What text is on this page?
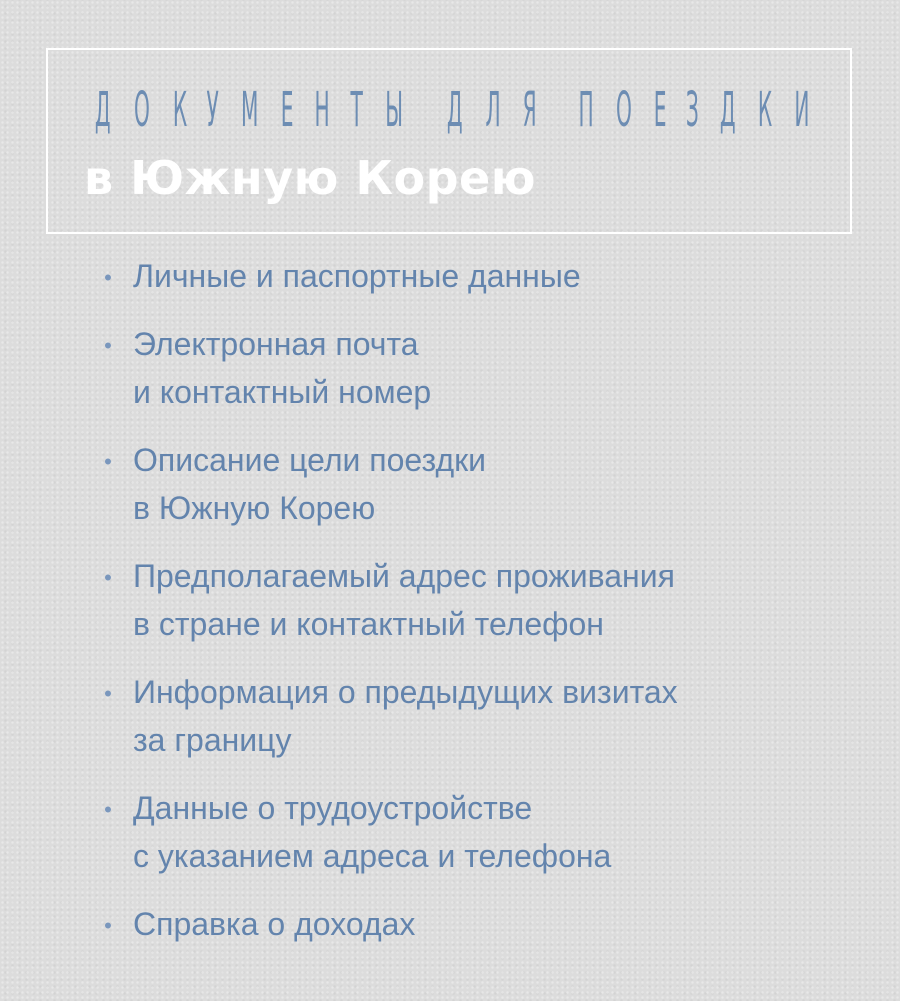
Д О К У М Е Н Т Ы Д Л Я П О Е З Д К И
в Южную Корею
• Личные и паспортные данные
• Электронная почта
и контактный номер
• Описание цели поездки
в Южную Корею
• Предполагаемый адрес проживания
в стране и контактный телефон
• Информация о предыдущих визитах
за границу
• Данные о трудоустройстве
с указанием адреса и телефона
• Справка о доходах
